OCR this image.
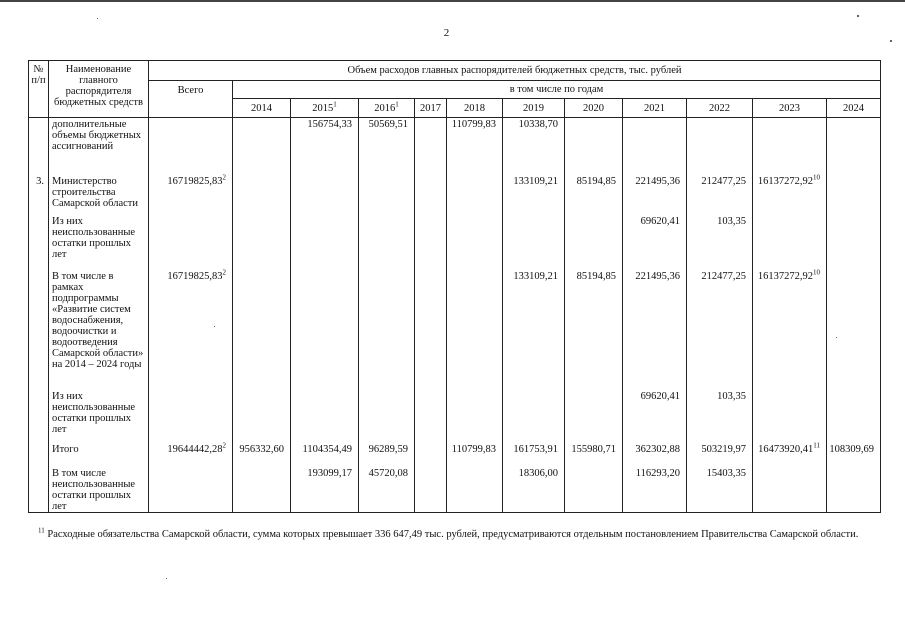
2
№ п/п	Наименование главного распорядителя бюджетных средств	Объем расходов главных распорядителей бюджетных средств, тыс. рублей											
		Всего	в том числе по годам										
			2014	2015$^1$	2016$^1$	2017	2018	2019	2020	2021	2022	2023	2024
	дополнительные объемы бюджетных ассигнований			156754,33	50569,51		110799,83	10338,70					
3.	Министерство строительства Самарской области	16719825,83$^2$						133109,21	85194,85	221495,36	212477,25	16137272,92$^{10}$	
	Из них неиспользованные остатки прошлых лет									69620,41	103,35		
	В том числе в рамках подпрограммы «Развитие систем водоснабжения, водоочистки и водоотведения Самарской области» на 2014 – 2024 годы	16719825,83$^2$						133109,21	85194,85	221495,36	212477,25	16137272,92$^{10}$	
	Из них неиспользованные остатки прошлых лет									69620,41	103,35		
	Итого	19644442,28$^2$	956332,60	1104354,49	96289,59		110799,83	161753,91	155980,71	362302,88	503219,97	16473920,41$^{11}$	108309,69
	В том числе неиспользованные остатки прошлых лет			193099,17	45720,08			18306,00		116293,20	15403,35		
$^{11}$ Расходные обязательства Самарской области, сумма которых превышает 336 647,49 тыс. рублей, предусматриваются отдельным постановлением Правительства Самарской области.
